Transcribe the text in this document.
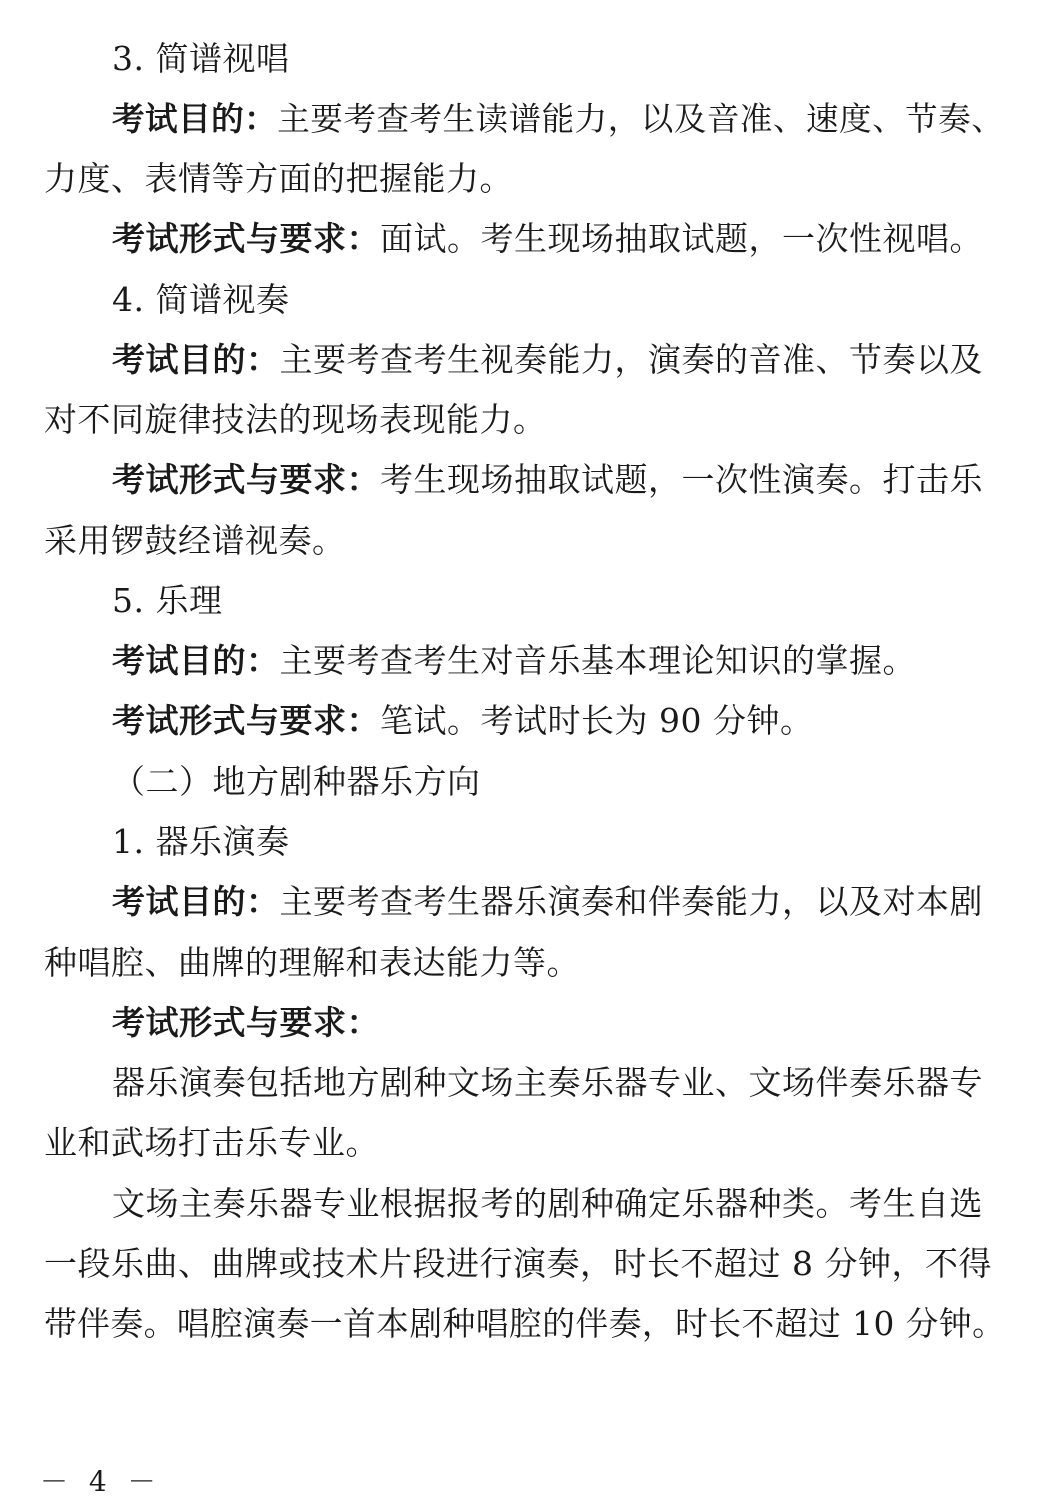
3. 简谱视唱
考试目的：主要考查考生读谱能力，以及音准、速度、节奏、
力度、表情等方面的把握能力。
考试形式与要求：面试。考生现场抽取试题，一次性视唱。
4. 简谱视奏
考试目的：主要考查考生视奏能力，演奏的音准、节奏以及
对不同旋律技法的现场表现能力。
考试形式与要求：考生现场抽取试题，一次性演奏。打击乐
采用锣鼓经谱视奏。
5. 乐理
考试目的：主要考查考生对音乐基本理论知识的掌握。
考试形式与要求：笔试。考试时长为 90 分钟。
（二）地方剧种器乐方向
1. 器乐演奏
考试目的：主要考查考生器乐演奏和伴奏能力，以及对本剧
种唱腔、曲牌的理解和表达能力等。
考试形式与要求：
器乐演奏包括地方剧种文场主奏乐器专业、文场伴奏乐器专
业和武场打击乐专业。
文场主奏乐器专业根据报考的剧种确定乐器种类。考生自选
一段乐曲、曲牌或技术片段进行演奏，时长不超过 8 分钟，不得
带伴奏。唱腔演奏一首本剧种唱腔的伴奏，时长不超过 10 分钟。
－ 4 －
